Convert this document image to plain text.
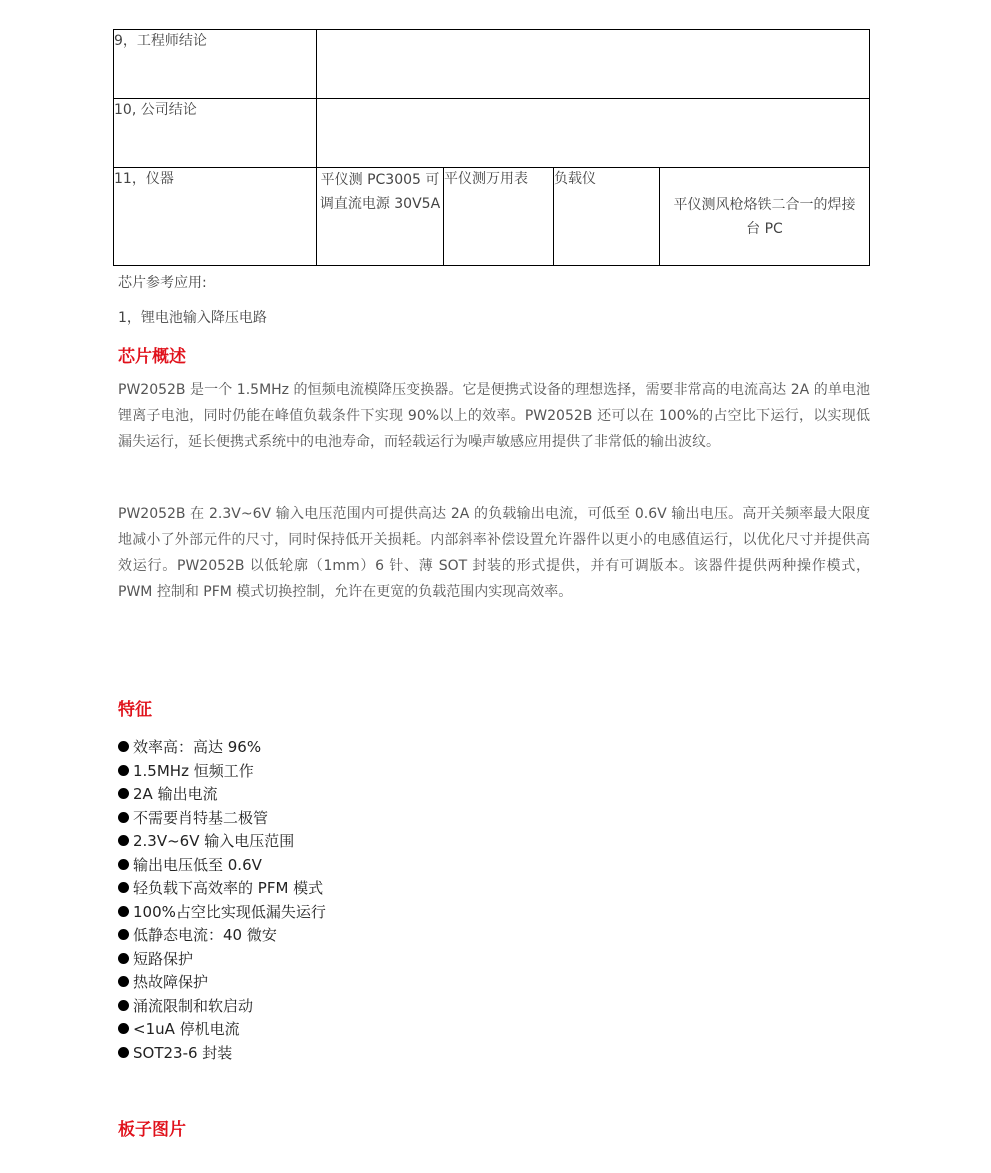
9，工程师结论				
10, 公司结论				
11，仪器	平仪测 PC3005 可调直流电源 30V5A	平仪测万用表	负载仪	平仪测风枪烙铁二合一的焊接台 PC
芯片参考应用:
1，锂电池输入降压电路
芯片概述

PW2052B 是一个 1.5MHz 的恒频电流模降压变换器。它是便携式设备的理想选择，需要非常高的电流高达 2A 的单电池锂离子电池，同时仍能在峰值负载条件下实现 90%以上的效率。PW2052B 还可以在 100%的占空比下运行，以实现低漏失运行，延长便携式系统中的电池寿命，而轻载运行为噪声敏感应用提供了非常低的输出波纹。

PW2052B 在 2.3V~6V 输入电压范围内可提供高达 2A 的负载输出电流，可低至 0.6V 输出电压。高开关频率最大限度地减小了外部元件的尺寸，同时保持低开关损耗。内部斜率补偿设置允许器件以更小的电感值运行，以优化尺寸并提供高效运行。PW2052B 以低轮廓（1mm）6 针、薄 SOT 封装的形式提供，并有可调版本。该器件提供两种操作模式，PWM 控制和 PFM 模式切换控制，允许在更宽的负载范围内实现高效率。

特征
效率高：高达 96%
1.5MHz 恒频工作
2A 输出电流
不需要肖特基二极管
2.3V~6V 输入电压范围
输出电压低至 0.6V
轻负载下高效率的 PFM 模式
100%占空比实现低漏失运行
低静态电流：40 微安
短路保护
热故障保护
涌流限制和软启动
<1uA 停机电流
SOT23-6 封装
板子图片
